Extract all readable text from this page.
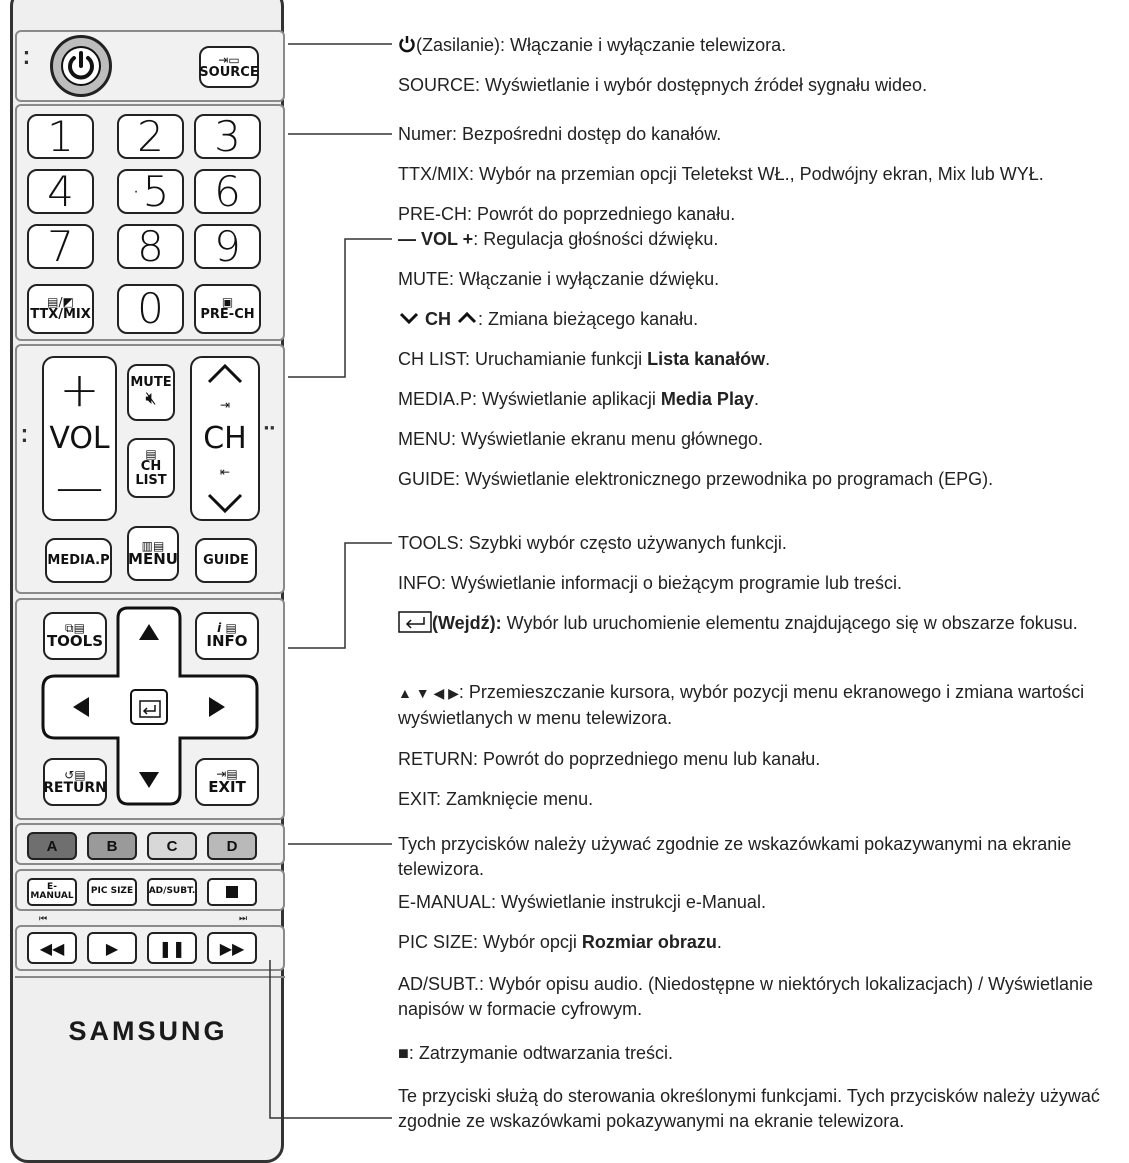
⁚	⇥▭
SOURCE
1 2 3
4 · 5 6
7 8 9
▤/◩
TTX/MIX 0	▣
PRE-CH
⁚
+
VOL
—
MUTE
🔇︎
▤
CH
LIST
⇥
CH
⇤
··
MEDIA.P
▥▤
MENU GUIDE
⧉▤
TOOLS
i ▤
INFO
↺▤
RETURN
⇥▤
EXIT
A	B	C	D
E-MANUAL PIC SIZE AD/SUBT.
⏮	⏭
◀◀	▶	❚❚ ▶▶
SAMSUNG
(Zasilanie): Włączanie i wyłączanie telewizora.
SOURCE: Wyświetlanie i wybór dostępnych źródeł sygnału wideo.
Numer: Bezpośredni dostęp do kanałów.
TTX/MIX: Wybór na przemian opcji Teletekst WŁ., Podwójny ekran, Mix lub WYŁ.
PRE-CH: Powrót do poprzedniego kanału.
— VOL +: Regulacja głośności dźwięku.
MUTE: Włączanie i wyłączanie dźwięku.
CH : Zmiana bieżącego kanału.
CH LIST: Uruchamianie funkcji Lista kanałów.
MEDIA.P: Wyświetlanie aplikacji Media Play.
MENU: Wyświetlanie ekranu menu głównego.
GUIDE: Wyświetlanie elektronicznego przewodnika po programach (EPG).
TOOLS: Szybki wybór często używanych funkcji.
INFO: Wyświetlanie informacji o bieżącym programie lub treści.
(Wejdź): Wybór lub uruchomienie elementu znajdującego się w obszarze fokusu.
▲ ▼ ◀ ▶: Przemieszczanie kursora, wybór pozycji menu ekranowego i zmiana wartości wyświetlanych w menu telewizora.
RETURN: Powrót do poprzedniego menu lub kanału.
EXIT: Zamknięcie menu.
Tych przycisków należy używać zgodnie ze wskazówkami pokazywanymi na ekranie telewizora.
E-MANUAL: Wyświetlanie instrukcji e-Manual.
PIC SIZE: Wybór opcji Rozmiar obrazu.
AD/SUBT.: Wybór opisu audio. (Niedostępne w niektórych lokalizacjach) / Wyświetlanie napisów w formacie cyfrowym.
■: Zatrzymanie odtwarzania treści.
Te przyciski służą do sterowania określonymi funkcjami. Tych przycisków należy używać zgodnie ze wskazówkami pokazywanymi na ekranie telewizora.
